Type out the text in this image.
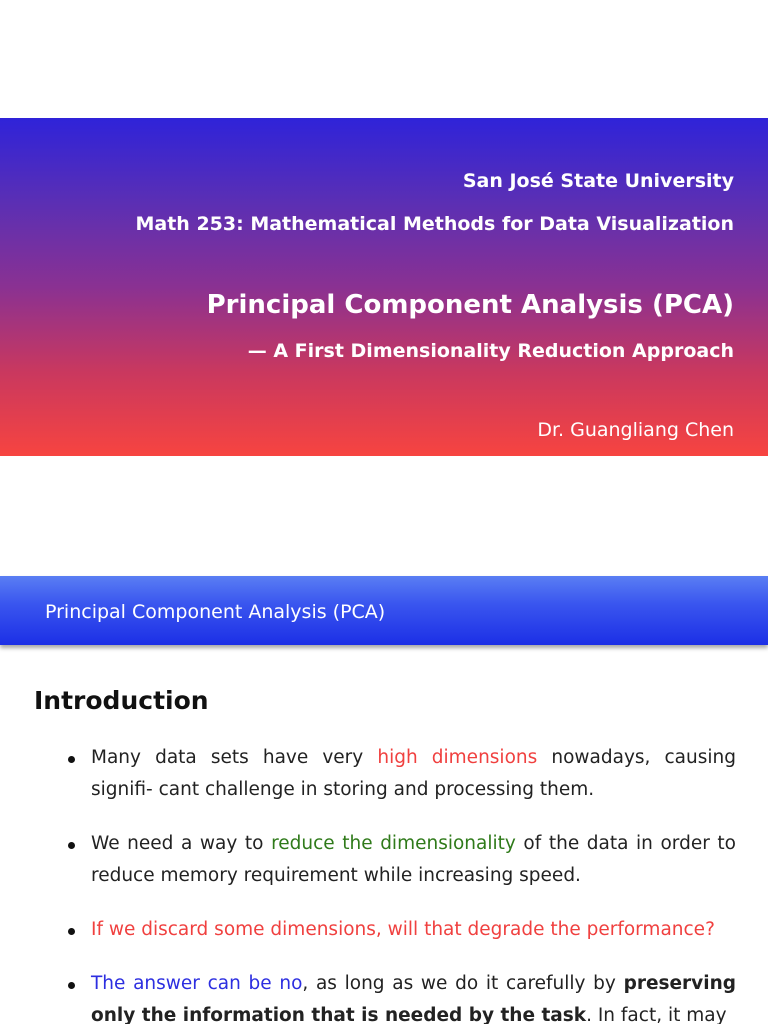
San José State University
Math 253: Mathematical Methods for Data Visualization
Principal Component Analysis (PCA)
— A First Dimensionality Reduction Approach
Dr. Guangliang Chen
Principal Component Analysis (PCA)
Introduction
Many data sets have very high dimensions nowadays, causing signifi- cant challenge in storing and processing them.
We need a way to reduce the dimensionality of the data in order to reduce memory requirement while increasing speed.
If we discard some dimensions, will that degrade the performance?
The answer can be no, as long as we do it carefully by preserving only the information that is needed by the task. In fact, it may
